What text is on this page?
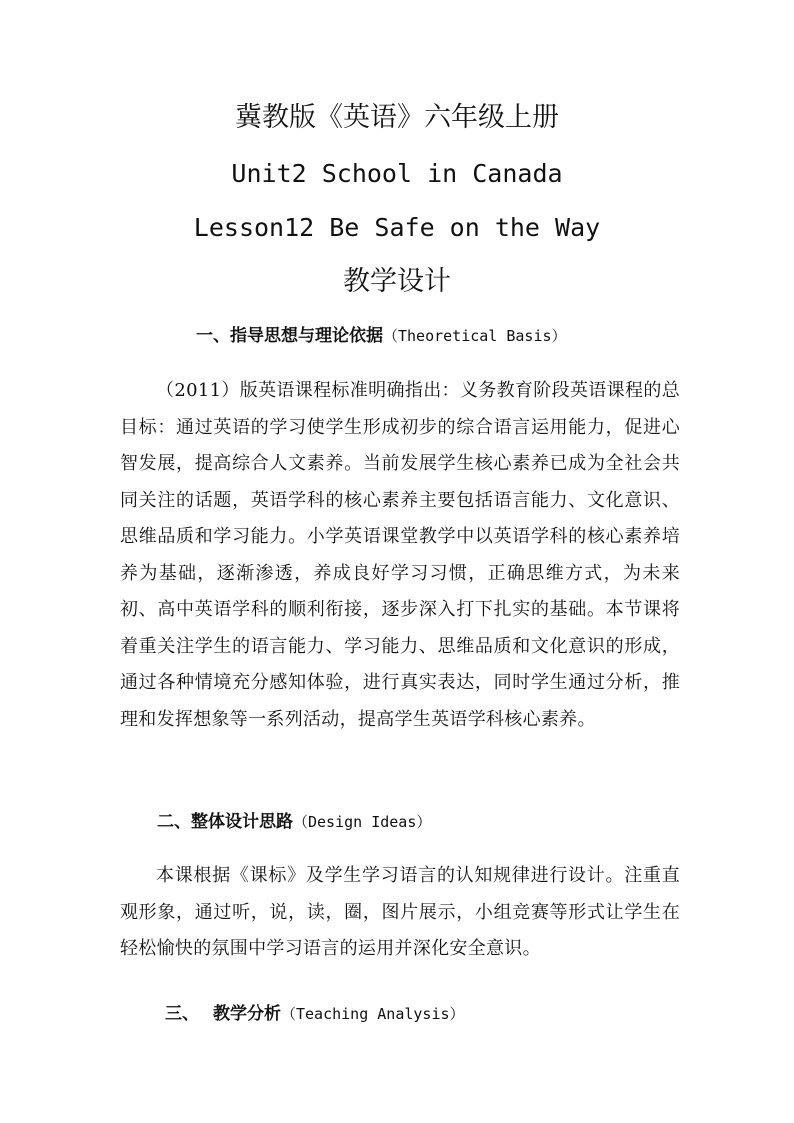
冀教版《英语》六年级上册
Unit2 School in Canada
Lesson12 Be Safe on the Way
教学设计
一、指导思想与理论依据（Theoretical Basis）
（2011）版英语课程标准明确指出：义务教育阶段英语课程的总目标：通过英语的学习使学生形成初步的综合语言运用能力，促进心智发展，提高综合人文素养。当前发展学生核心素养已成为全社会共同关注的话题，英语学科的核心素养主要包括语言能力、文化意识、思维品质和学习能力。小学英语课堂教学中以英语学科的核心素养培养为基础，逐渐渗透，养成良好学习习惯，正确思维方式，为未来初、高中英语学科的顺利衔接，逐步深入打下扎实的基础。本节课将着重关注学生的语言能力、学习能力、思维品质和文化意识的形成，通过各种情境充分感知体验，进行真实表达，同时学生通过分析，推理和发挥想象等一系列活动，提高学生英语学科核心素养。
二、整体设计思路（Design Ideas）
本课根据《课标》及学生学习语言的认知规律进行设计。注重直观形象，通过听，说，读，圈，图片展示，小组竞赛等形式让学生在轻松愉快的氛围中学习语言的运用并深化安全意识。
三、 教学分析（Teaching Analysis）
